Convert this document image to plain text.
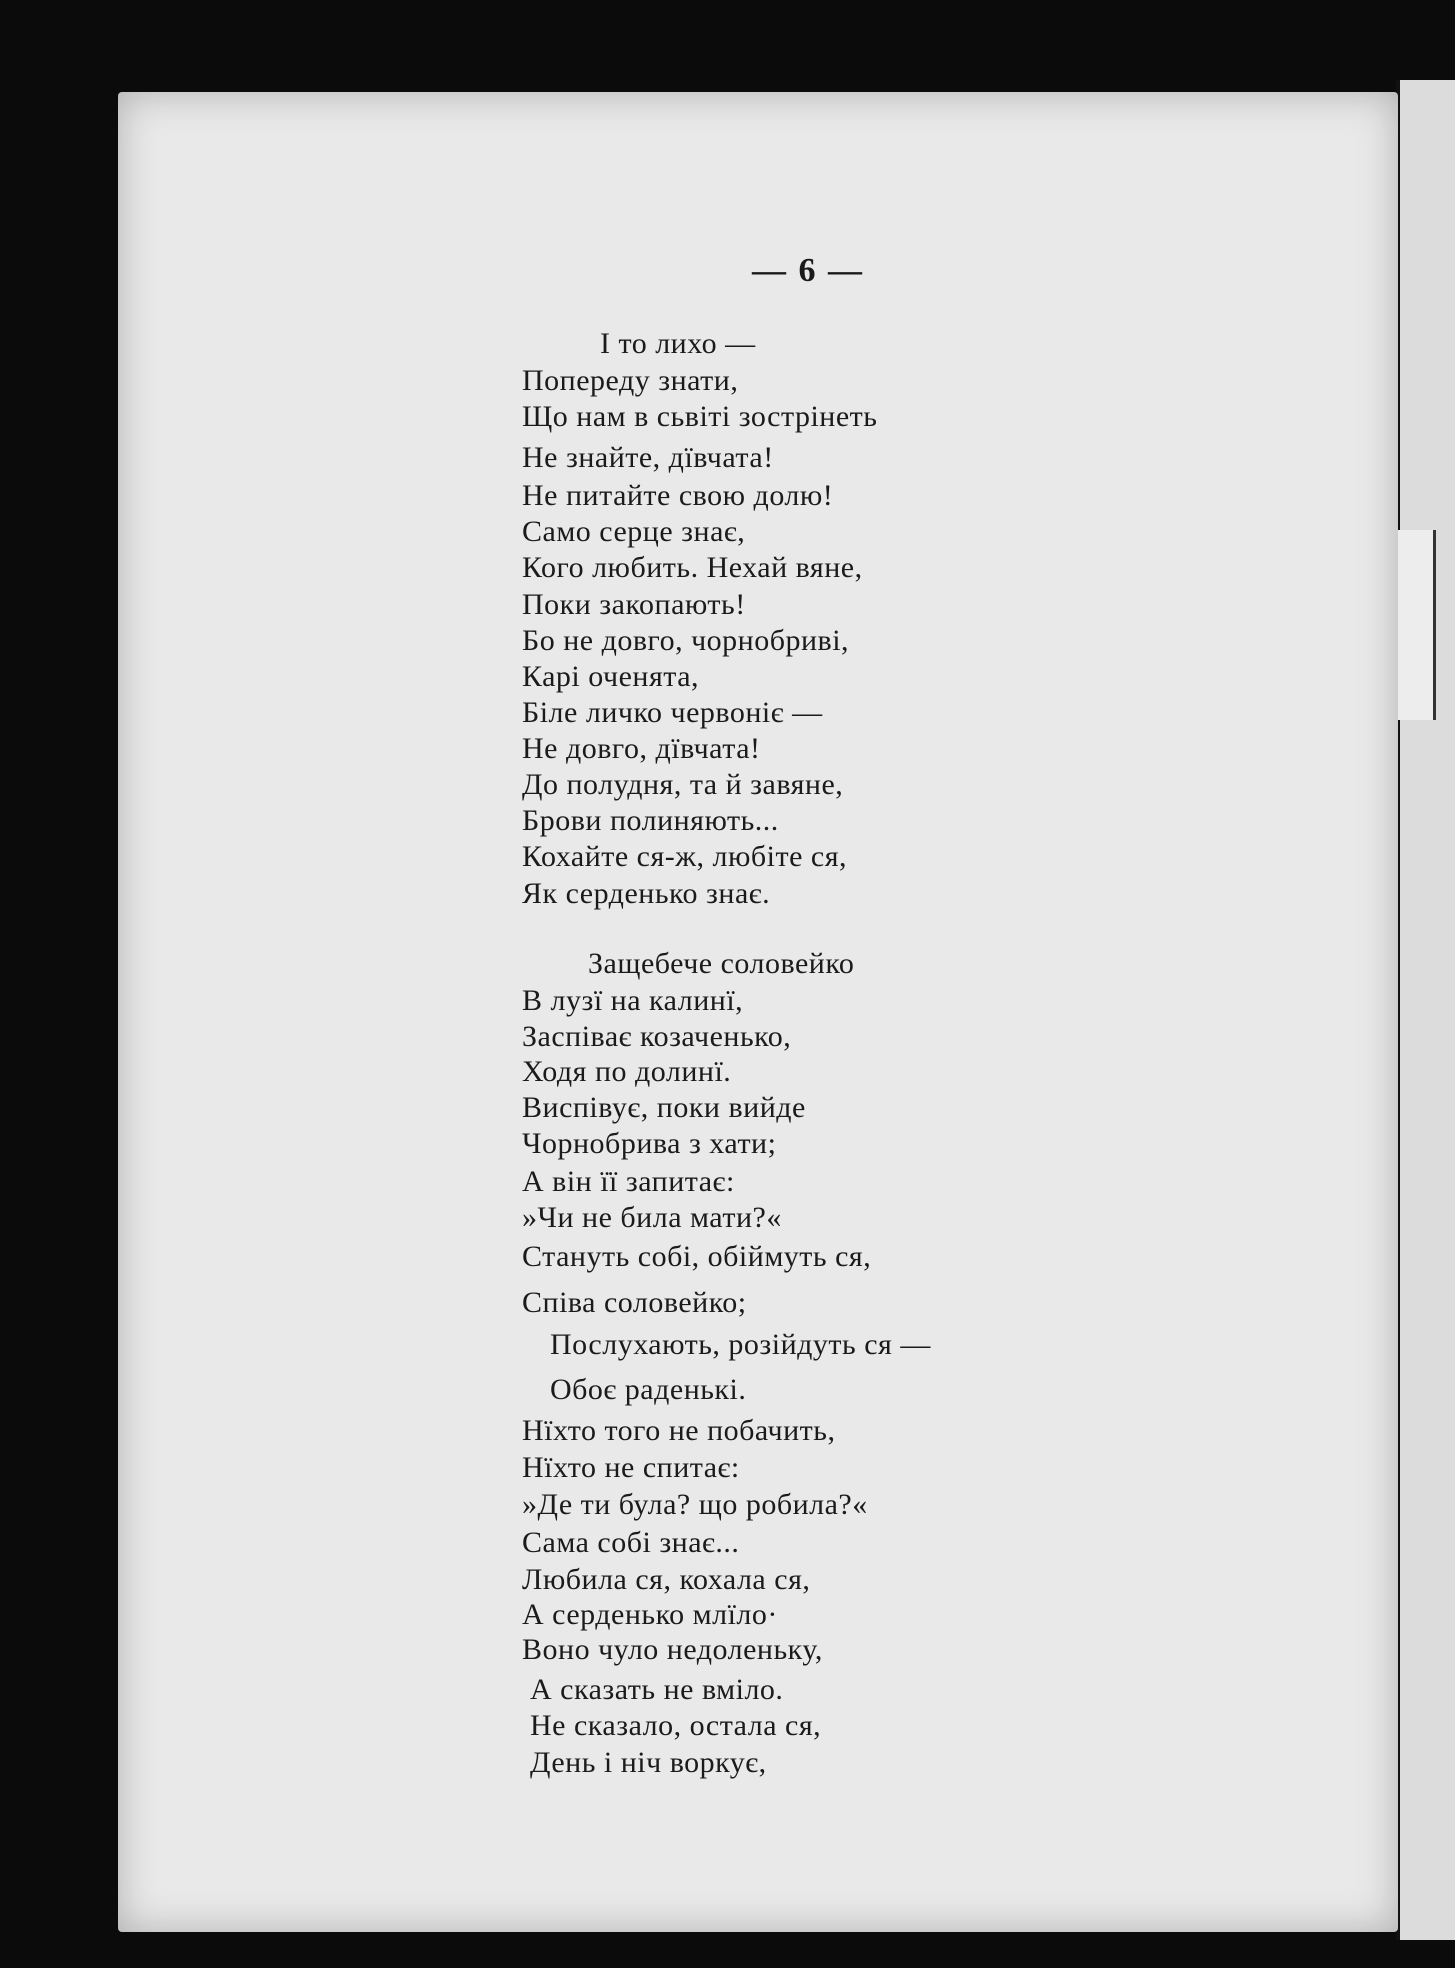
— 6 —
І то лихо —
Попереду знати,
Що нам в сьвіті зострінеть
Не знайте, дївчата!
Не питайте свою долю!
Само серце знає,
Кого любить. Нехай вяне,
Поки закопають!
Бо не довго, чорнобриві,
Карі оченята,
Біле личко червоніє —
Не довго, дївчата!
До полудня, та й завяне,
Брови полиняють...
Кохайте ся-ж, любіте ся,
Як серденько знає.
Защебече соловейко
В лузї на калинї,
Заспіває козаченько,
Ходя по долинї.
Виспівує, поки вийде
Чорнобрива з хати;
А він її запитає:
»Чи не била мати?«
Стануть собі, обіймуть ся,
Співа соловейко;
Послухають, розійдуть ся —
Обоє раденькі.
Нїхто того не побачить,
Нїхто не спитає:
»Де ти була? що робила?«
Сама собі знає...
Любила ся, кохала ся,
А серденько млїло·
Воно чуло недоленьку,
А сказать не вміло.
Не сказало, остала ся,
День і ніч воркує,
